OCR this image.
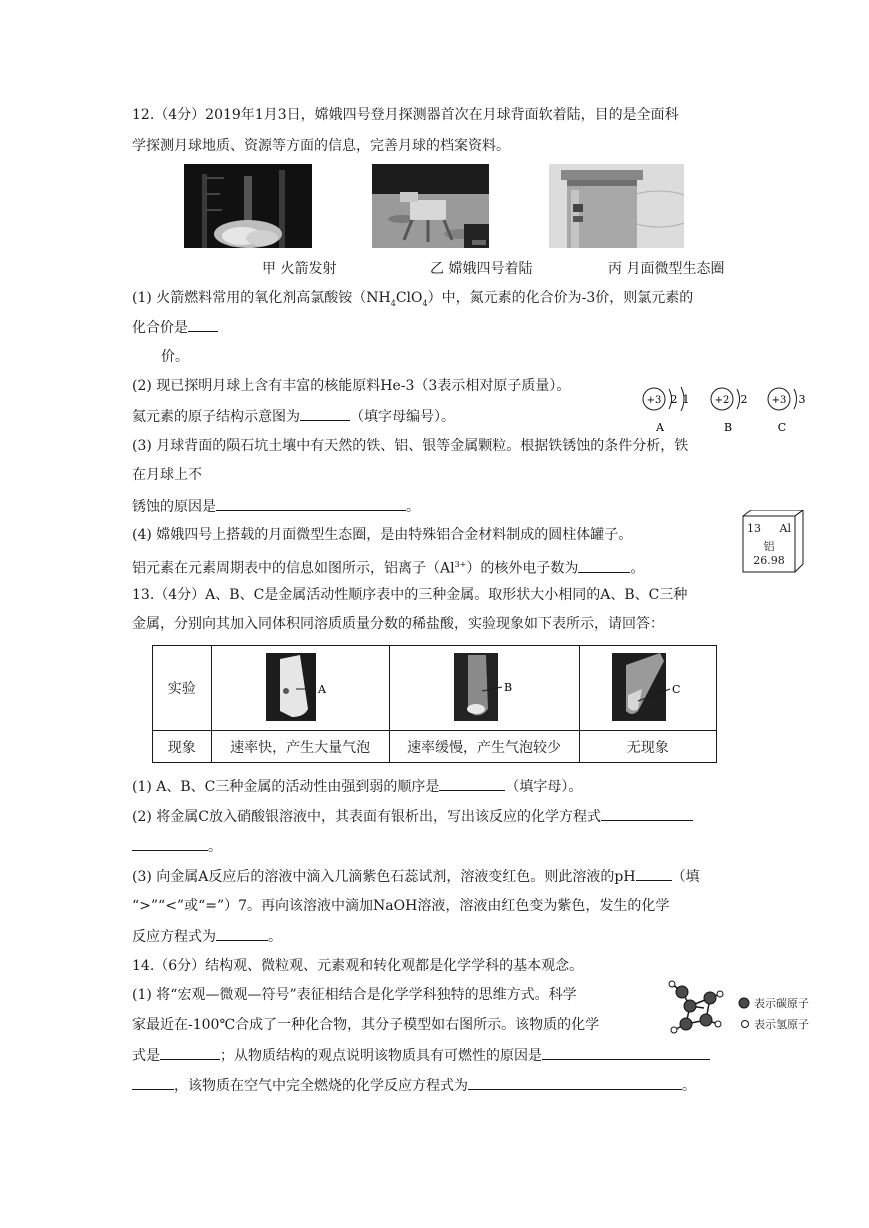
12.（4分）2019年1月3日，嫦娥四号登月探测器首次在月球背面软着陆，目的是全面科
学探测月球地质、资源等方面的信息，完善月球的档案资料。
甲 火箭发射	乙 嫦娥四号着陆	丙 月面微型生态圈
(1) 火箭燃料常用的氧化剂高氯酸铵$(NH_4ClO_4)$中，氮元素的化合价为-3价，则氯元素的
化合价是
价。
(2) 现已探明月球上含有丰富的核能原料He-3（3表示相对原子质量）。
氦元素的原子结构示意图为	（填字母编号）。
+3 2 1
A
+2 2
B
+3 3
C
(3) 月球背面的陨石坑土壤中有天然的铁、铝、银等金属颗粒。根据铁锈蚀的条件分析，铁
在月球上不
锈蚀的原因是	。
(4) 嫦娥四号上搭载的月面微型生态圈，是由特殊铝合金材料制成的圆柱体罐子。
铝元素在元素周期表中的信息如图所示，铝离子$(Al^{3+})$的核外电子数为	。
13 Al
铝
26.98
13.（4分）A、B、C是金属活动性顺序表中的三种金属。取形状大小相同的A、B、C三种
金属，分别向其加入同体积同溶质质量分数的稀盐酸，实验现象如下表所示，请回答：
实验	A	B	C

现象	速率快，产生大量气泡	速率缓慢，产生气泡较少	无现象
(1) A、B、C三种金属的活动性由强到弱的顺序是	（填字母）。
(2) 将金属C放入硝酸银溶液中，其表面有银析出，写出该反应的化学方程式
。
(3) 向金属A反应后的溶液中滴入几滴紫色石蕊试剂，溶液变红色。则此溶液的pH	（填
“>”“<”或“=”）7。再向该溶液中滴加NaOH溶液，溶液由红色变为紫色，发生的化学
反应方程式为	。
14.（6分）结构观、微粒观、元素观和转化观都是化学学科的基本观念。
(1) 将“宏观—微观—符号”表征相结合是化学学科独特的思维方式。科学
家最近在-100℃合成了一种化合物，其分子模型如右图所示。该物质的化学
式是	；从物质结构的观点说明该物质具有可燃性的原因是
，该物质在空气中完全燃烧的化学反应方程式为	。
表示碳原子
表示氢原子
